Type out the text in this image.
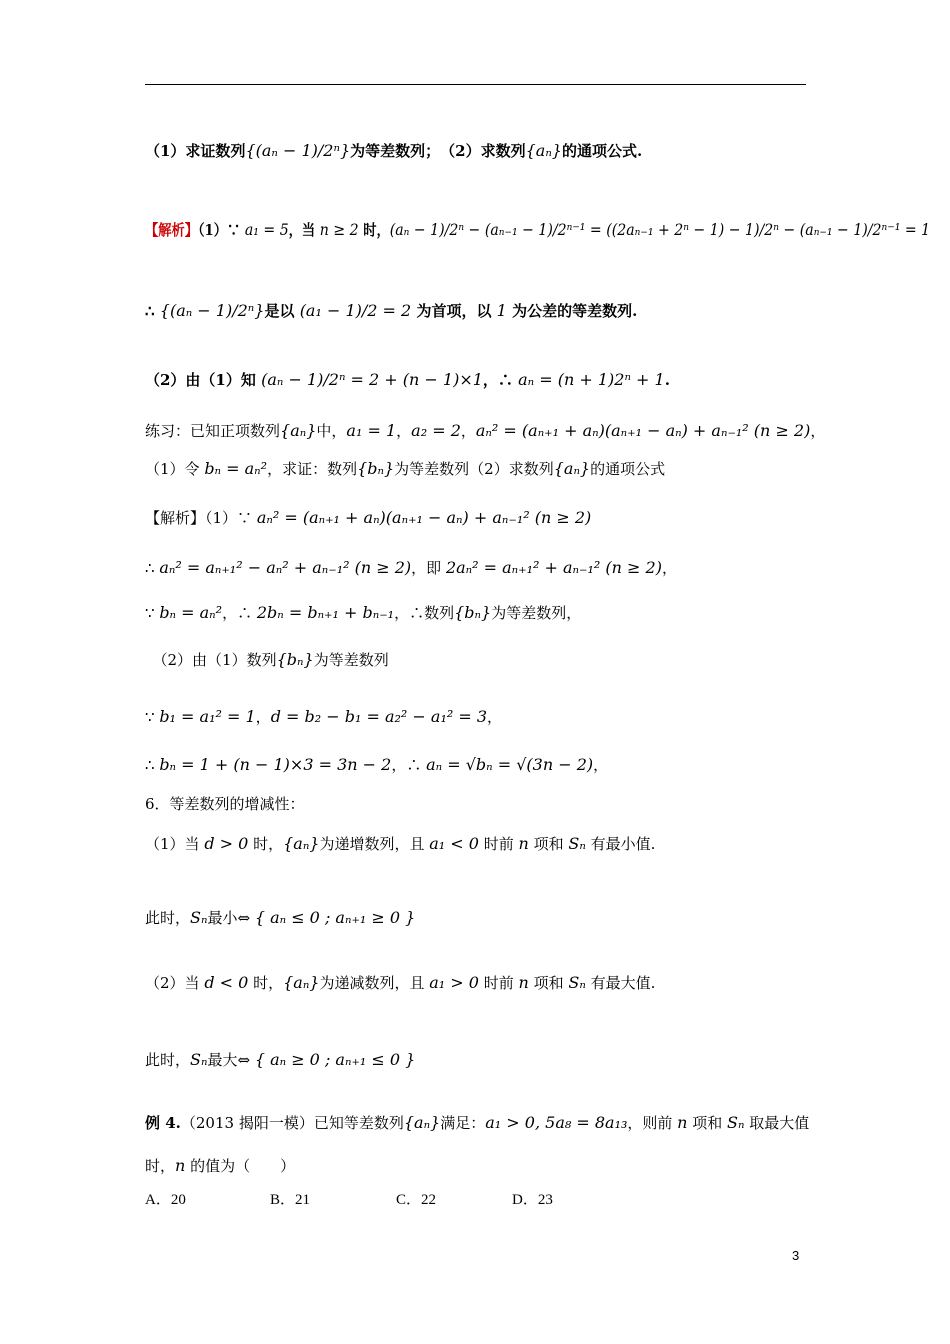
（1）求证数列{(aₙ − 1)/2ⁿ}为等差数列；　（2）求数列{aₙ}的通项公式.
【解析】（1）∵ a₁ = 5，当 n ≥ 2 时，(aₙ − 1)/2ⁿ − (aₙ₋₁ − 1)/2ⁿ⁻¹ = ((2aₙ₋₁ + 2ⁿ − 1) − 1)/2ⁿ − (aₙ₋₁ − 1)/2ⁿ⁻¹ = 1
∴ {(aₙ − 1)/2ⁿ}是以 (a₁ − 1)/2 = 2 为首项，以 1 为公差的等差数列.
（2）由（1）知 (aₙ − 1)/2ⁿ = 2 + (n − 1)×1，∴ aₙ = (n + 1)2ⁿ + 1.
练习：已知正项数列{aₙ}中，a₁ = 1，a₂ = 2，aₙ² = (aₙ₊₁ + aₙ)(aₙ₊₁ − aₙ) + aₙ₋₁² (n ≥ 2)，
（1）令 bₙ = aₙ²，求证：数列{bₙ}为等差数列（2）求数列{aₙ}的通项公式
【解析】（1）∵ aₙ² = (aₙ₊₁ + aₙ)(aₙ₊₁ − aₙ) + aₙ₋₁² (n ≥ 2)
∴ aₙ² = aₙ₊₁² − aₙ² + aₙ₋₁² (n ≥ 2)，即 2aₙ² = aₙ₊₁² + aₙ₋₁² (n ≥ 2)，
∵ bₙ = aₙ²，∴ 2bₙ = bₙ₊₁ + bₙ₋₁，∴数列{bₙ}为等差数列，
　（2）由（1）数列{bₙ}为等差数列
∵ b₁ = a₁² = 1，d = b₂ − b₁ = a₂² − a₁² = 3，
∴ bₙ = 1 + (n − 1)×3 = 3n − 2，∴ aₙ = √bₙ = √(3n − 2)，
6．等差数列的增减性：
（1）当 d > 0 时，{aₙ}为递增数列，且 a₁ < 0 时前 n 项和 Sₙ 有最小值.
此时，Sₙ最小⇔ { aₙ ≤ 0 ; aₙ₊₁ ≥ 0 }
（2）当 d < 0 时，{aₙ}为递减数列，且 a₁ > 0 时前 n 项和 Sₙ 有最大值.
此时，Sₙ最大⇔ { aₙ ≥ 0 ; aₙ₊₁ ≤ 0 }
例 4.（2013 揭阳一模）已知等差数列{aₙ}满足：a₁ > 0, 5a₈ = 8a₁₃，则前 n 项和 Sₙ 取最大值
时，n 的值为（　　）
A．20	B．21	C．22	D．23
3
